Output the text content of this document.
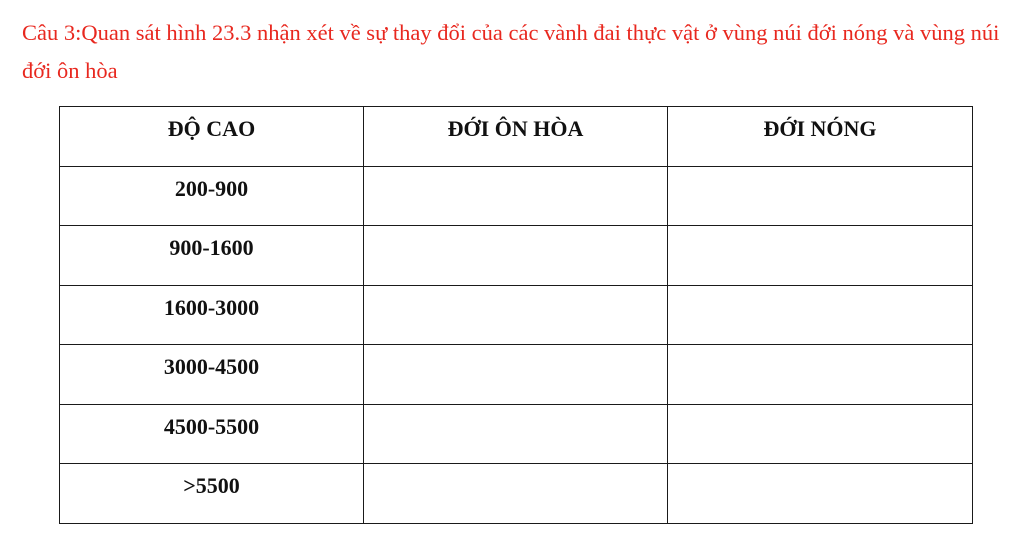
Câu 3:Quan sát hình 23.3 nhận xét về sự thay đổi của các vành đai thực vật ở vùng núi đới nóng và vùng núi đới ôn hòa

ĐỘ CAO	ĐỚI ÔN HÒA	ĐỚI NÓNG

200-900		

900-1600		

1600-3000		

3000-4500		

4500-5500		

>5500		
